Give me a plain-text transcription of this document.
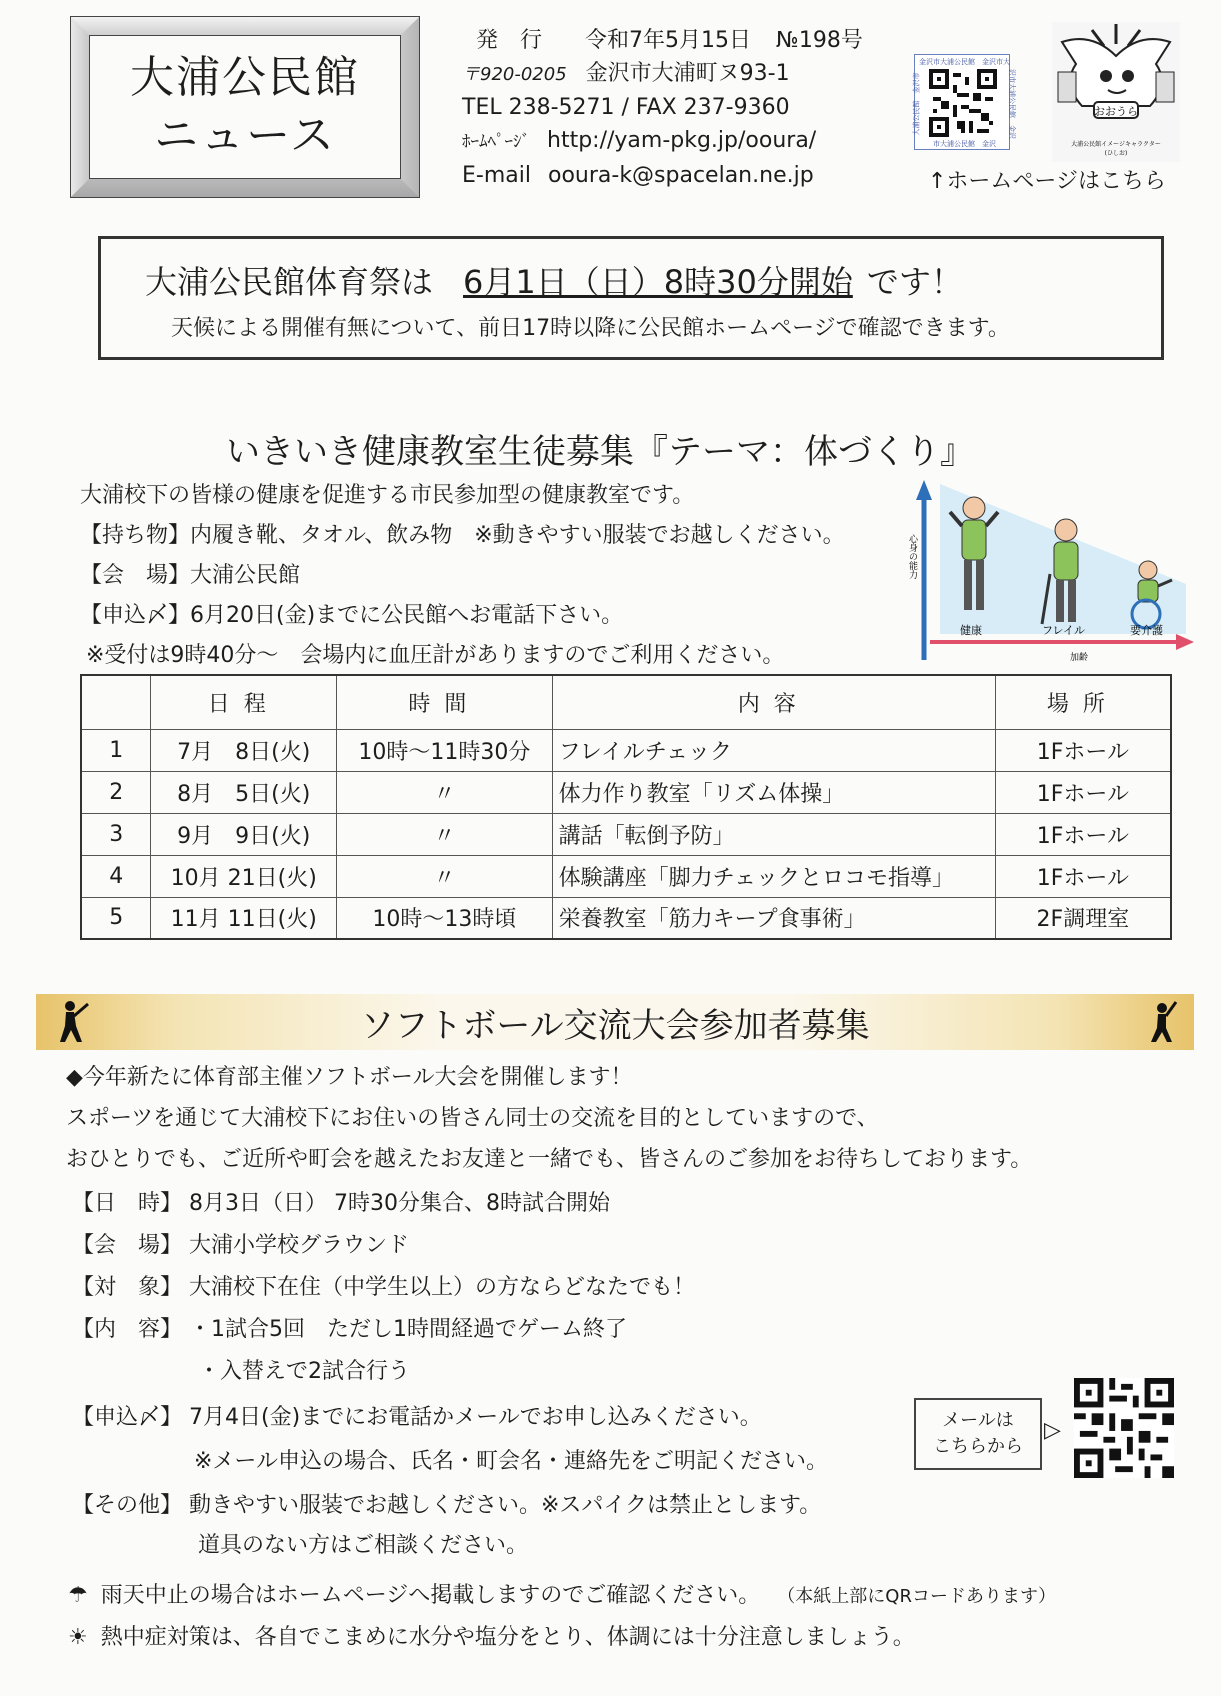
大浦公民館
ニュース
発　行 令和7年5月15日 №198号
〒920-0205 金沢市大浦町ヌ93-1
TEL 238-5271 / FAX 237-9360
ﾎｰﾑﾍﾟｰｼﾞ http://yam-pkg.jp/ooura/
E-mail ooura-k@spacelan.ne.jp
金沢市大浦公民館　金沢市大
大浦公民館　金沢市	沢市大浦公民館　金沢
市大浦公民館　金沢
おおうら
大浦公民館イメージキャラクター
(ひしお)
↑ホームページはこちら
大浦公民館体育祭は 6月1日（日）8時30分開始 です！
天候による開催有無について、前日17時以降に公民館ホームページで確認できます。
いきいき健康教室生徒募集『テーマ：体づくり』
大浦校下の皆様の健康を促進する市民参加型の健康教室です。
【持ち物】内履き靴、タオル、飲み物　※動きやすい服装でお越しください。
【会　場】大浦公民館
【申込〆】6月20日(金)までに公民館へお電話下さい。
※受付は9時40分～　会場内に血圧計がありますのでご利用ください。
心身の能力
加齢
健康	フレイル	要介護
	日程	時間	内容	場所
1	7月　8日(火)	10時～11時30分	フレイルチェック	1Fホール
2	8月　5日(火)	〃	体力作り教室「リズム体操」	1Fホール
3	9月　9日(火)	〃	講話「転倒予防」	1Fホール
4	10月 21日(火)	〃	体験講座「脚力チェックとロコモ指導」	1Fホール
5	11月 11日(火)	10時～13時頃	栄養教室「筋力キープ食事術」	2F調理室
ソフトボール交流大会参加者募集
◆今年新たに体育部主催ソフトボール大会を開催します！
スポーツを通じて大浦校下にお住いの皆さん同士の交流を目的としていますので、
おひとりでも、ご近所や町会を越えたお友達と一緒でも、皆さんのご参加をお待ちしております。
【日　時】 8月3日（日） 7時30分集合、8時試合開始
【会　場】 大浦小学校グラウンド
【対　象】 大浦校下在住（中学生以上）の方ならどなたでも！
【内　容】 ・1試合5回　ただし1時間経過でゲーム終了
・入替えで2試合行う
【申込〆】 7月4日(金)までにお電話かメールでお申し込みください。
※メール申込の場合、氏名・町会名・連絡先をご明記ください。
【その他】 動きやすい服装でお越しください。※スパイクは禁止とします。
道具のない方はご相談ください。
メールは
こちらから
▷
☂ 雨天中止の場合はホームページへ掲載しますのでご確認ください。 （本紙上部にQRコードあります）
☀ 熱中症対策は、各自でこまめに水分や塩分をとり、体調には十分注意しましょう。
